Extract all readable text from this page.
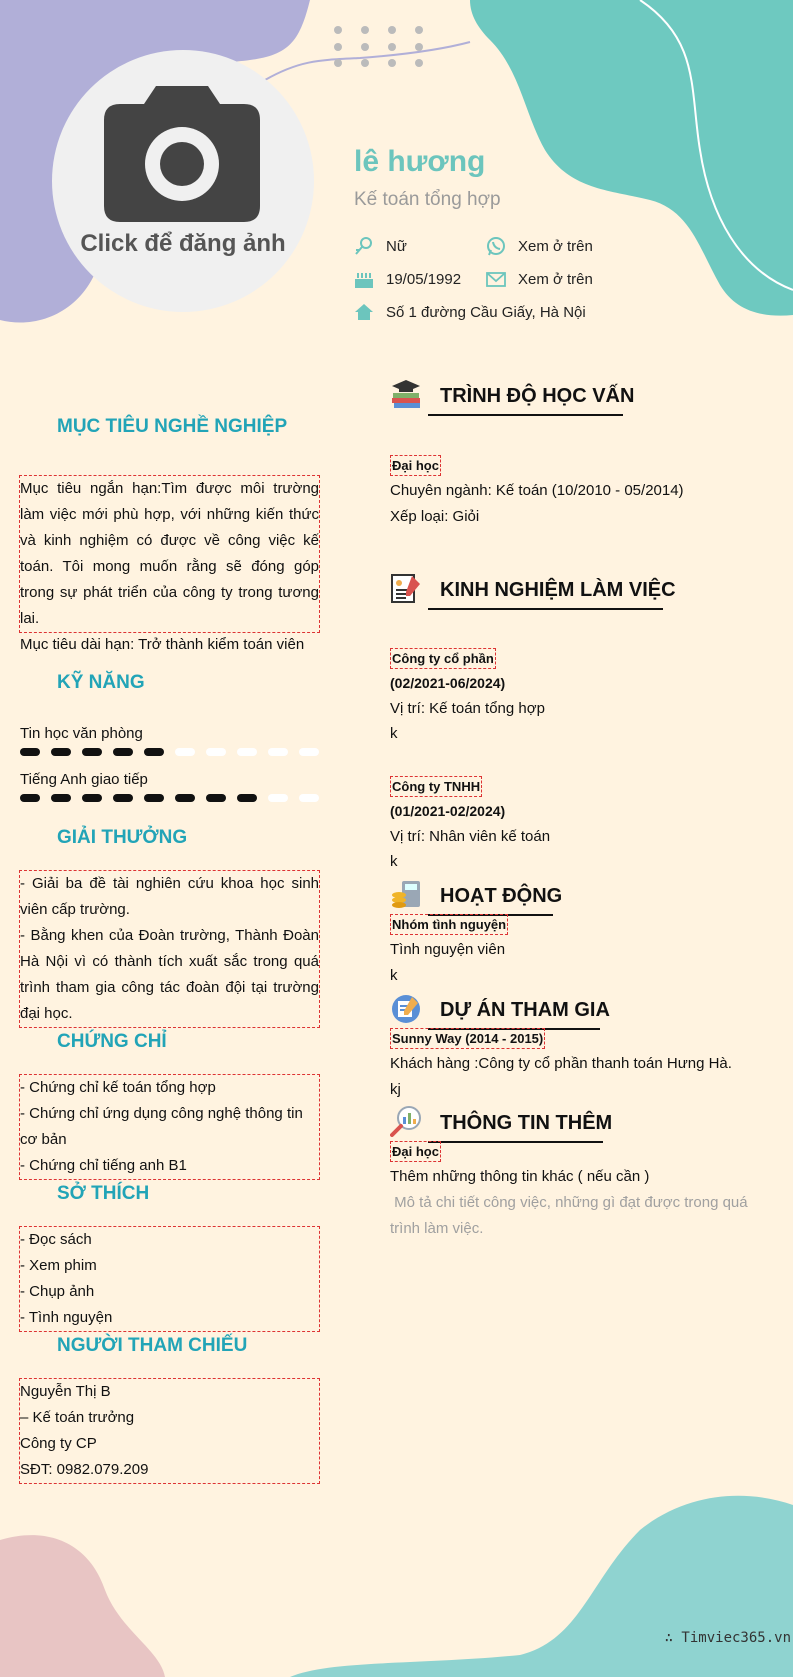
Click để đăng ảnh
lê hương
Kế toán tổng hợp
Nữ	Xem ở trên
19/05/1992	Xem ở trên
Số 1 đường Cầu Giấy, Hà Nội
MỤC TIÊU NGHỀ NGHIỆP
Mục tiêu ngắn hạn:Tìm được môi trường làm việc mới phù hợp, với những kiến thức và kinh nghiệm có được về công việc kế toán. Tôi mong muốn rằng sẽ đóng góp trong sự phát triển của công ty trong tương lai.
Mục tiêu dài hạn: Trở thành kiểm toán viên
KỸ NĂNG
Tin học văn phòng
Tiếng Anh giao tiếp
GIẢI THƯỞNG
- Giải ba đề tài nghiên cứu khoa học sinh viên cấp trường.
- Bằng khen của Đoàn trường, Thành Đoàn Hà Nội vì có thành tích xuất sắc trong quá trình tham gia công tác đoàn đội tại trường đại học.
CHỨNG CHỈ
- Chứng chỉ kế toán tổng hợp
- Chứng chỉ ứng dụng công nghệ thông tin cơ bản
- Chứng chỉ tiếng anh B1
SỞ THÍCH
- Đọc sách
- Xem phim
- Chụp ảnh
- Tình nguyện
NGƯỜI THAM CHIẾU
Nguyễn Thị B
– Kế toán trưởng
Công ty CP
SĐT: 0982.079.209
TRÌNH ĐỘ HỌC VẤN
Đại học
Chuyên ngành: Kế toán (10/2010 - 05/2014)
Xếp loại: Giỏi
KINH NGHIỆM LÀM VIỆC
Công ty cổ phần
(02/2021-06/2024)
Vị trí: Kế toán tổng hợp
k
Công ty TNHH
(01/2021-02/2024)
Vị trí: Nhân viên kế toán
k
HOẠT ĐỘNG
Nhóm tình nguyện
Tình nguyện viên
k
DỰ ÁN THAM GIA
Sunny Way (2014 - 2015)
Khách hàng :Công ty cổ phần thanh toán Hưng Hà.
kj
THÔNG TIN THÊM
Đại học
Thêm những thông tin khác ( nếu cần )
Mô tả chi tiết công việc, những gì đạt được trong quá
trình làm việc.
∴ Timviec365.vn
